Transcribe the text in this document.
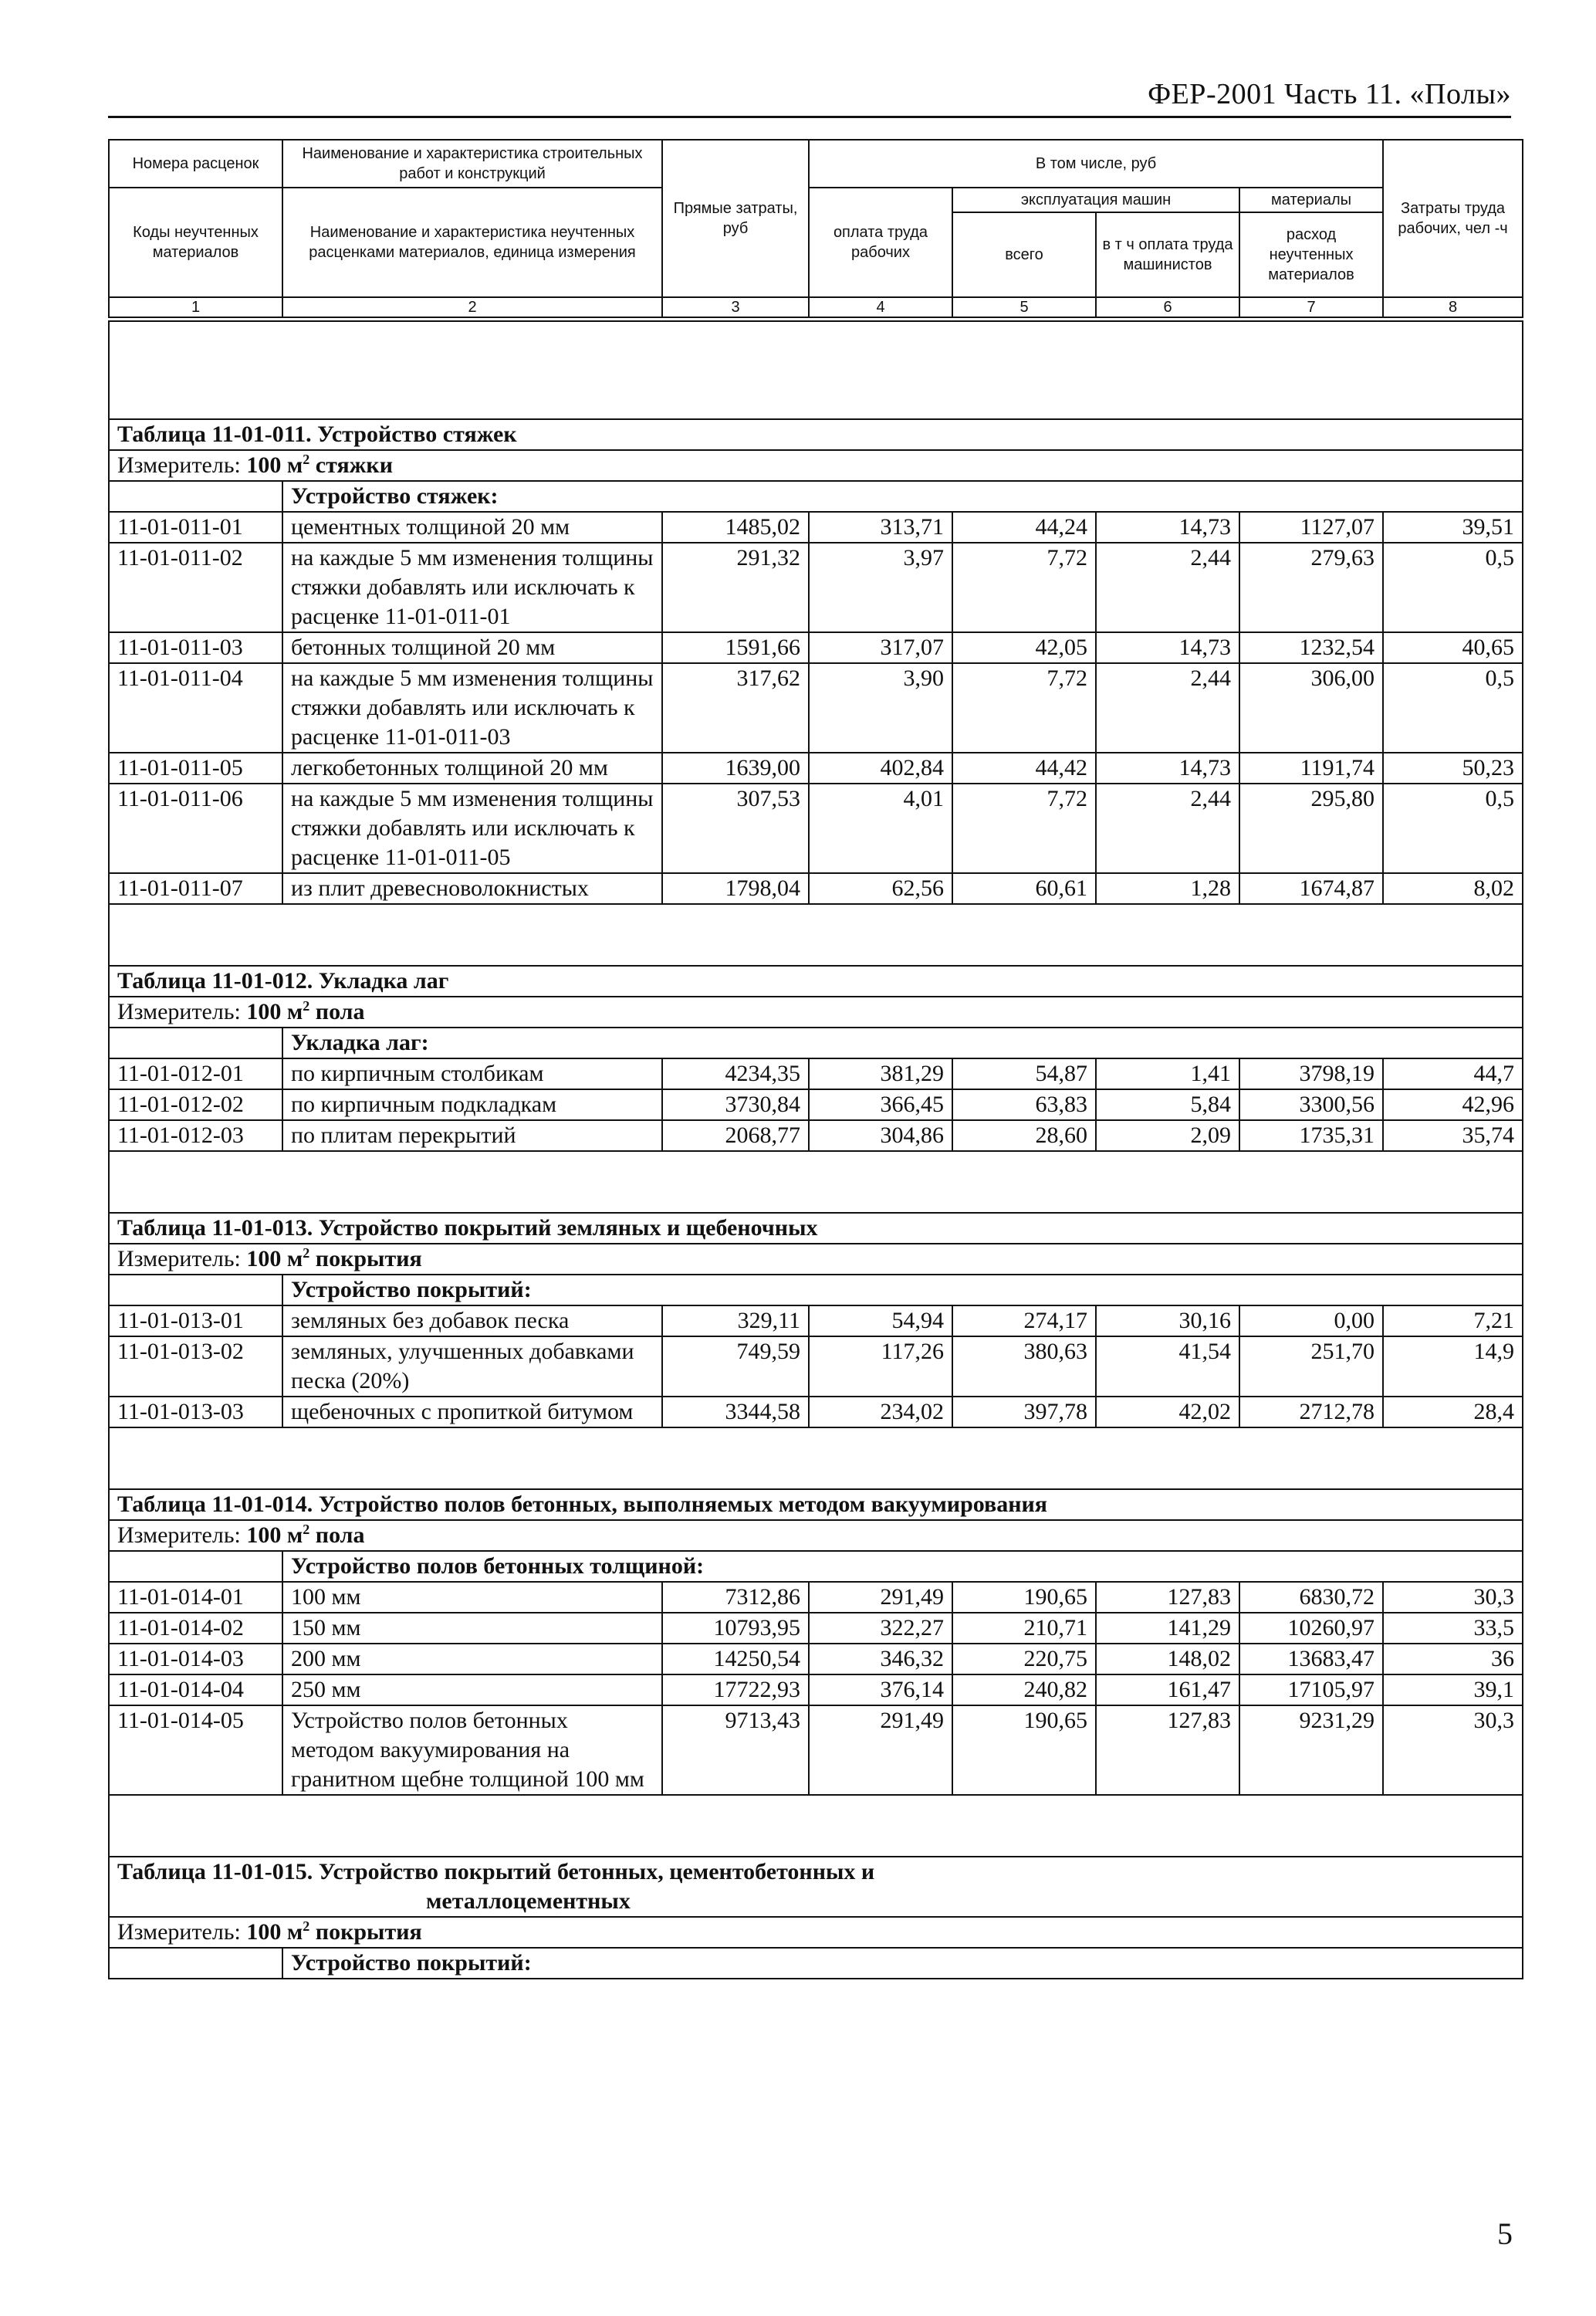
ФЕР-2001 Часть 11. «Полы»
Номера расценок	Наименование и характеристика строительных работ и конструкций	Прямые затраты, руб	В том числе, руб				Затраты труда рабочих, чел -ч
Коды неучтенных материалов	Наименование и характеристика неучтенных расценками материалов, единица измерения		оплата труда рабочих	эксплуатация машин		материалы	
				всего	в т ч оплата труда машинистов	расход неучтенных материалов	
1	2	3	4	5	6	7	8

Таблица 11-01-011. Устройство стяжек							
Измеритель: 100 $м^2$ стяжки							
	Устройство стяжек:						
11-01-011-01	цементных толщиной 20 мм	1485,02	313,71	44,24	14,73	1127,07	39,51
11-01-011-02	на каждые 5 мм изменения толщины стяжки добавлять или исключать к расценке 11-01-011-01	291,32	3,97	7,72	2,44	279,63	0,5
11-01-011-03	бетонных толщиной 20 мм	1591,66	317,07	42,05	14,73	1232,54	40,65
11-01-011-04	на каждые 5 мм изменения толщины стяжки добавлять или исключать к расценке 11-01-011-03	317,62	3,90	7,72	2,44	306,00	0,5
11-01-011-05	легкобетонных толщиной 20 мм	1639,00	402,84	44,42	14,73	1191,74	50,23
11-01-011-06	на каждые 5 мм изменения толщины стяжки добавлять или исключать к расценке 11-01-011-05	307,53	4,01	7,72	2,44	295,80	0,5
11-01-011-07	из плит древесноволокнистых	1798,04	62,56	60,61	1,28	1674,87	8,02

Таблица 11-01-012. Укладка лаг							
Измеритель: 100 $м^2$ пола							
	Укладка лаг:						
11-01-012-01	по кирпичным столбикам	4234,35	381,29	54,87	1,41	3798,19	44,7
11-01-012-02	по кирпичным подкладкам	3730,84	366,45	63,83	5,84	3300,56	42,96
11-01-012-03	по плитам перекрытий	2068,77	304,86	28,60	2,09	1735,31	35,74

Таблица 11-01-013. Устройство покрытий земляных и щебеночных							
Измеритель: 100 $м^2$ покрытия							
	Устройство покрытий:						
11-01-013-01	земляных без добавок песка	329,11	54,94	274,17	30,16	0,00	7,21
11-01-013-02	земляных, улучшенных добавками песка (20%)	749,59	117,26	380,63	41,54	251,70	14,9
11-01-013-03	щебеночных с пропиткой битумом	3344,58	234,02	397,78	42,02	2712,78	28,4

Таблица 11-01-014. Устройство полов бетонных, выполняемых методом вакуумирования							
Измеритель: 100 $м^2$ пола							
	Устройство полов бетонных толщиной:						
11-01-014-01	100 мм	7312,86	291,49	190,65	127,83	6830,72	30,3
11-01-014-02	150 мм	10793,95	322,27	210,71	141,29	10260,97	33,5
11-01-014-03	200 мм	14250,54	346,32	220,75	148,02	13683,47	36
11-01-014-04	250 мм	17722,93	376,14	240,82	161,47	17105,97	39,1
11-01-014-05	Устройство полов бетонных методом вакуумирования на гранитном щебне толщиной 100 мм	9713,43	291,49	190,65	127,83	9231,29	30,3

Таблица 11-01-015. Устройство покрытий бетонных, цементобетонных и
металлоцементных							

Измеритель: 100 $м^2$ покрытия							
	Устройство покрытий:						
5
